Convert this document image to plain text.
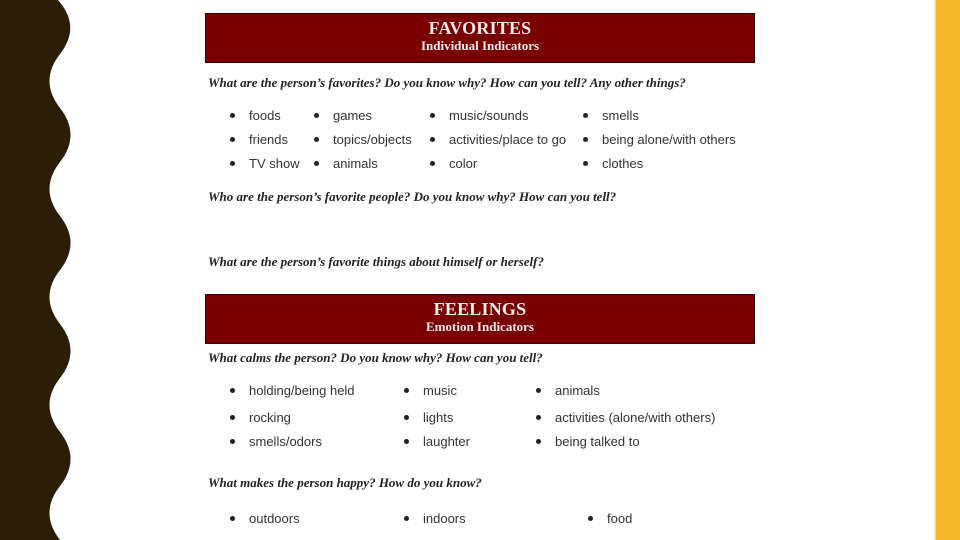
FAVORITES
Individual Indicators
What are the person’s favorites? Do you know why? How can you tell? Any other things?
foods	games	music/sounds	smells
friends	topics/objects	activities/place to go	being alone/with others
TV show	animals	color	clothes
Who are the person’s favorite people? Do you know why? How can you tell?
What are the person’s favorite things about himself or herself?
FEELINGS
Emotion Indicators
What calms the person? Do you know why? How can you tell?
holding/being held	music	animals
rocking	lights	activities (alone/with others)
smells/odors	laughter	being talked to
What makes the person happy? How do you know?
outdoors	indoors	food
